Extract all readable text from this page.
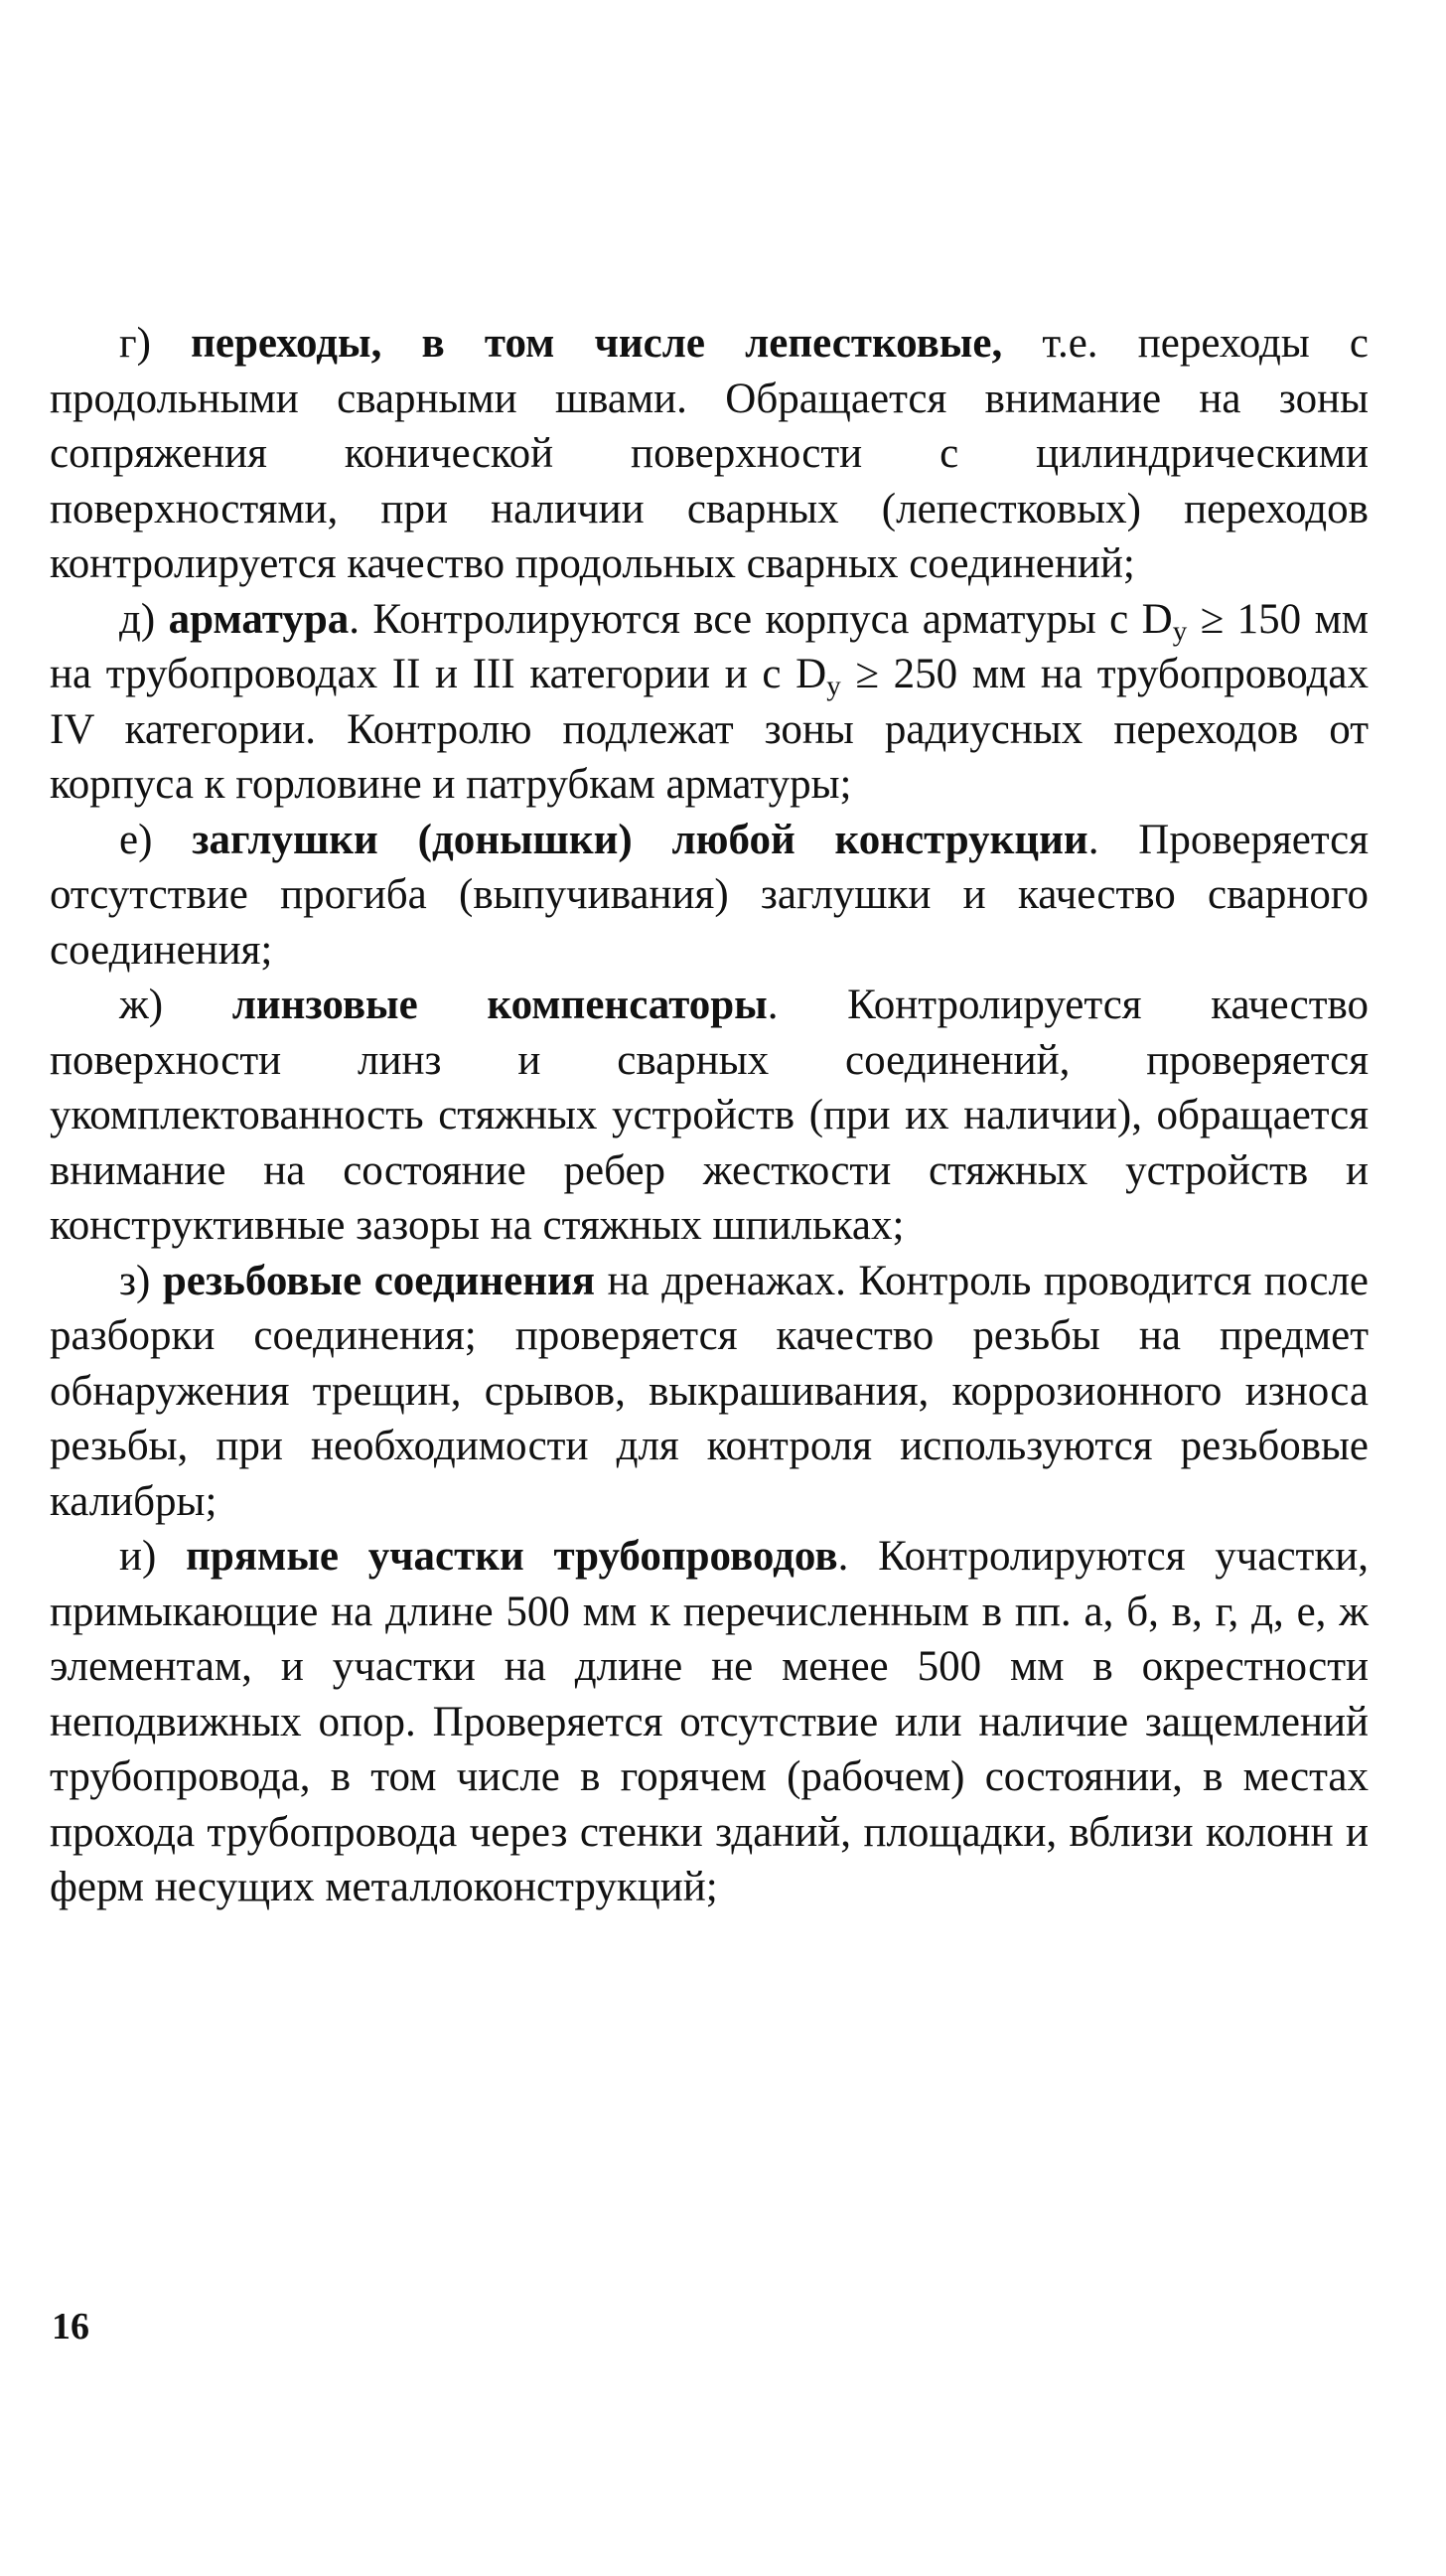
г) переходы, в том числе лепестковые, т.е. переходы с продольными сварными швами. Обращается внимание на зоны сопряжения конической поверхности с цилиндрическими поверхностями, при наличии сварных (лепестковых) переходов контролируется качество продольных сварных соединений;

д) арматура. Контролируются все корпуса арматуры с $D_у \ge 150$ мм на трубопроводах II и III категории и с $D_у \ge 250$ мм на трубопроводах IV категории. Контролю подлежат зоны радиусных переходов от корпуса к горловине и патрубкам арматуры;

е) заглушки (донышки) любой конструкции. Проверяется отсутствие прогиба (выпучивания) заглушки и качество сварного соединения;

ж) линзовые компенсаторы. Контролируется качество поверхности линз и сварных соединений, проверяется укомплектованность стяжных устройств (при их наличии), обращается внимание на состояние ребер жесткости стяжных устройств и конструктивные зазоры на стяжных шпильках;

з) резьбовые соединения на дренажах. Контроль проводится после разборки соединения; проверяется качество резьбы на предмет обнаружения трещин, срывов, выкрашивания, коррозионного износа резьбы, при необходимости для контроля используются резьбовые калибры;

и) прямые участки трубопроводов. Контролируются участки, примыкающие на длине 500 мм к перечисленным в пп. а, б, в, г, д, е, ж элементам, и участки на длине не менее 500 мм в окрестности неподвижных опор. Проверяется отсутствие или наличие защемлений трубопровода, в том числе в горячем (рабочем) состоянии, в местах прохода трубопровода через стенки зданий, площадки, вблизи колонн и ферм несущих металлоконструкций;

16
